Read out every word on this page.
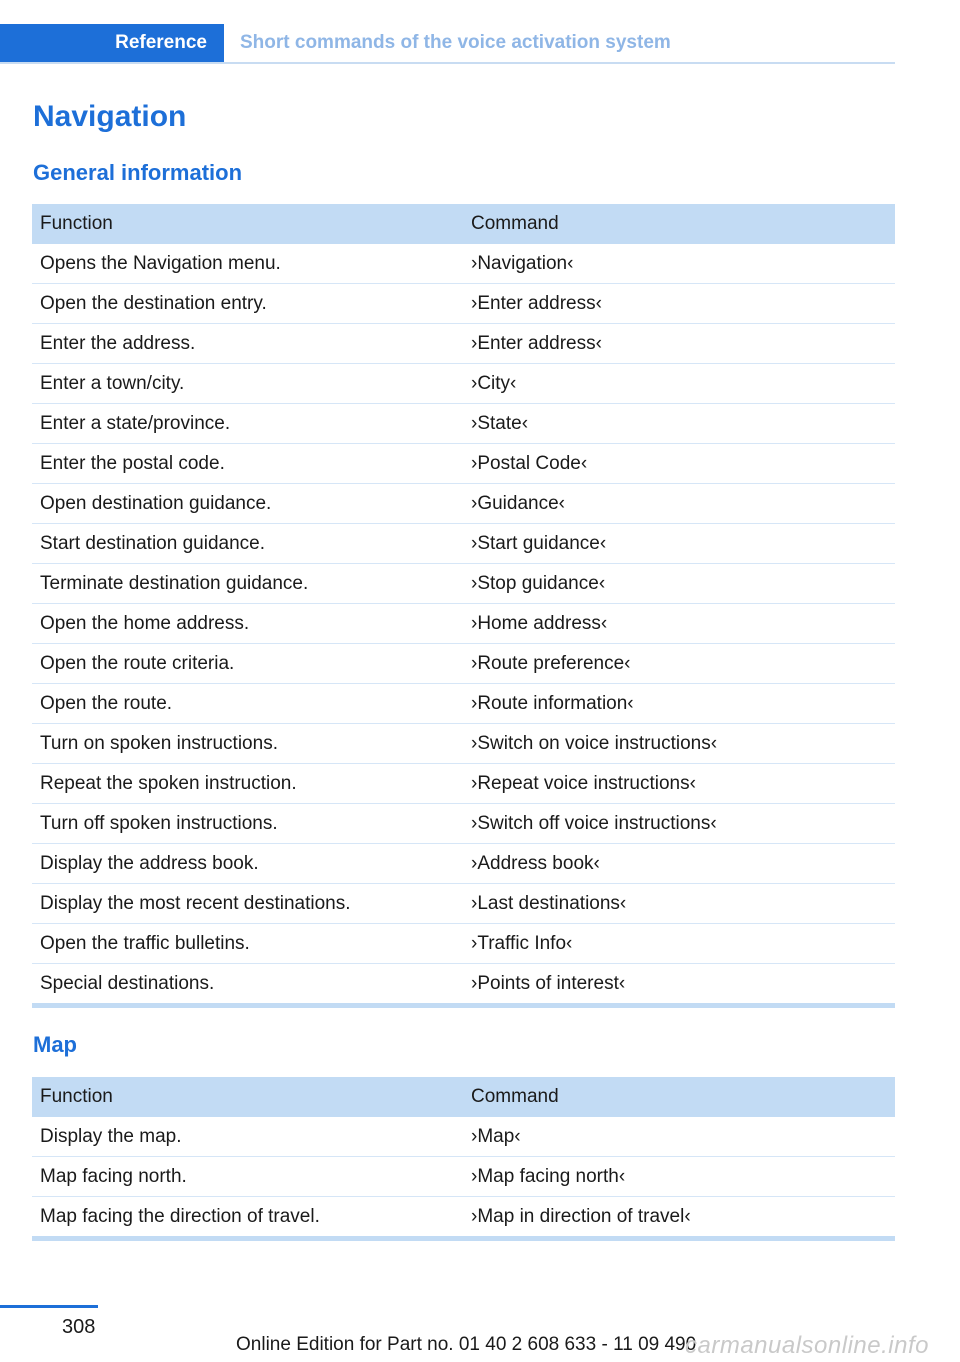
Reference	Short commands of the voice activation system
Navigation
General information
Function	Command
Opens the Navigation menu.	›Navigation‹
Open the destination entry.	›Enter address‹
Enter the address.	›Enter address‹
Enter a town/city.	›City‹
Enter a state/province.	›State‹
Enter the postal code.	›Postal Code‹
Open destination guidance.	›Guidance‹
Start destination guidance.	›Start guidance‹
Terminate destination guidance.	›Stop guidance‹
Open the home address.	›Home address‹
Open the route criteria.	›Route preference‹
Open the route.	›Route information‹
Turn on spoken instructions.	›Switch on voice instructions‹
Repeat the spoken instruction.	›Repeat voice instructions‹
Turn off spoken instructions.	›Switch off voice instructions‹
Display the address book.	›Address book‹
Display the most recent destinations.	›Last destinations‹
Open the traffic bulletins.	›Traffic Info‹
Special destinations.	›Points of interest‹
Map
Function	Command
Display the map.	›Map‹
Map facing north.	›Map facing north‹
Map facing the direction of travel.	›Map in direction of travel‹
308
Online Edition for Part no. 01 40 2 608 633 - 11 09 490
carmanualsonline.info
